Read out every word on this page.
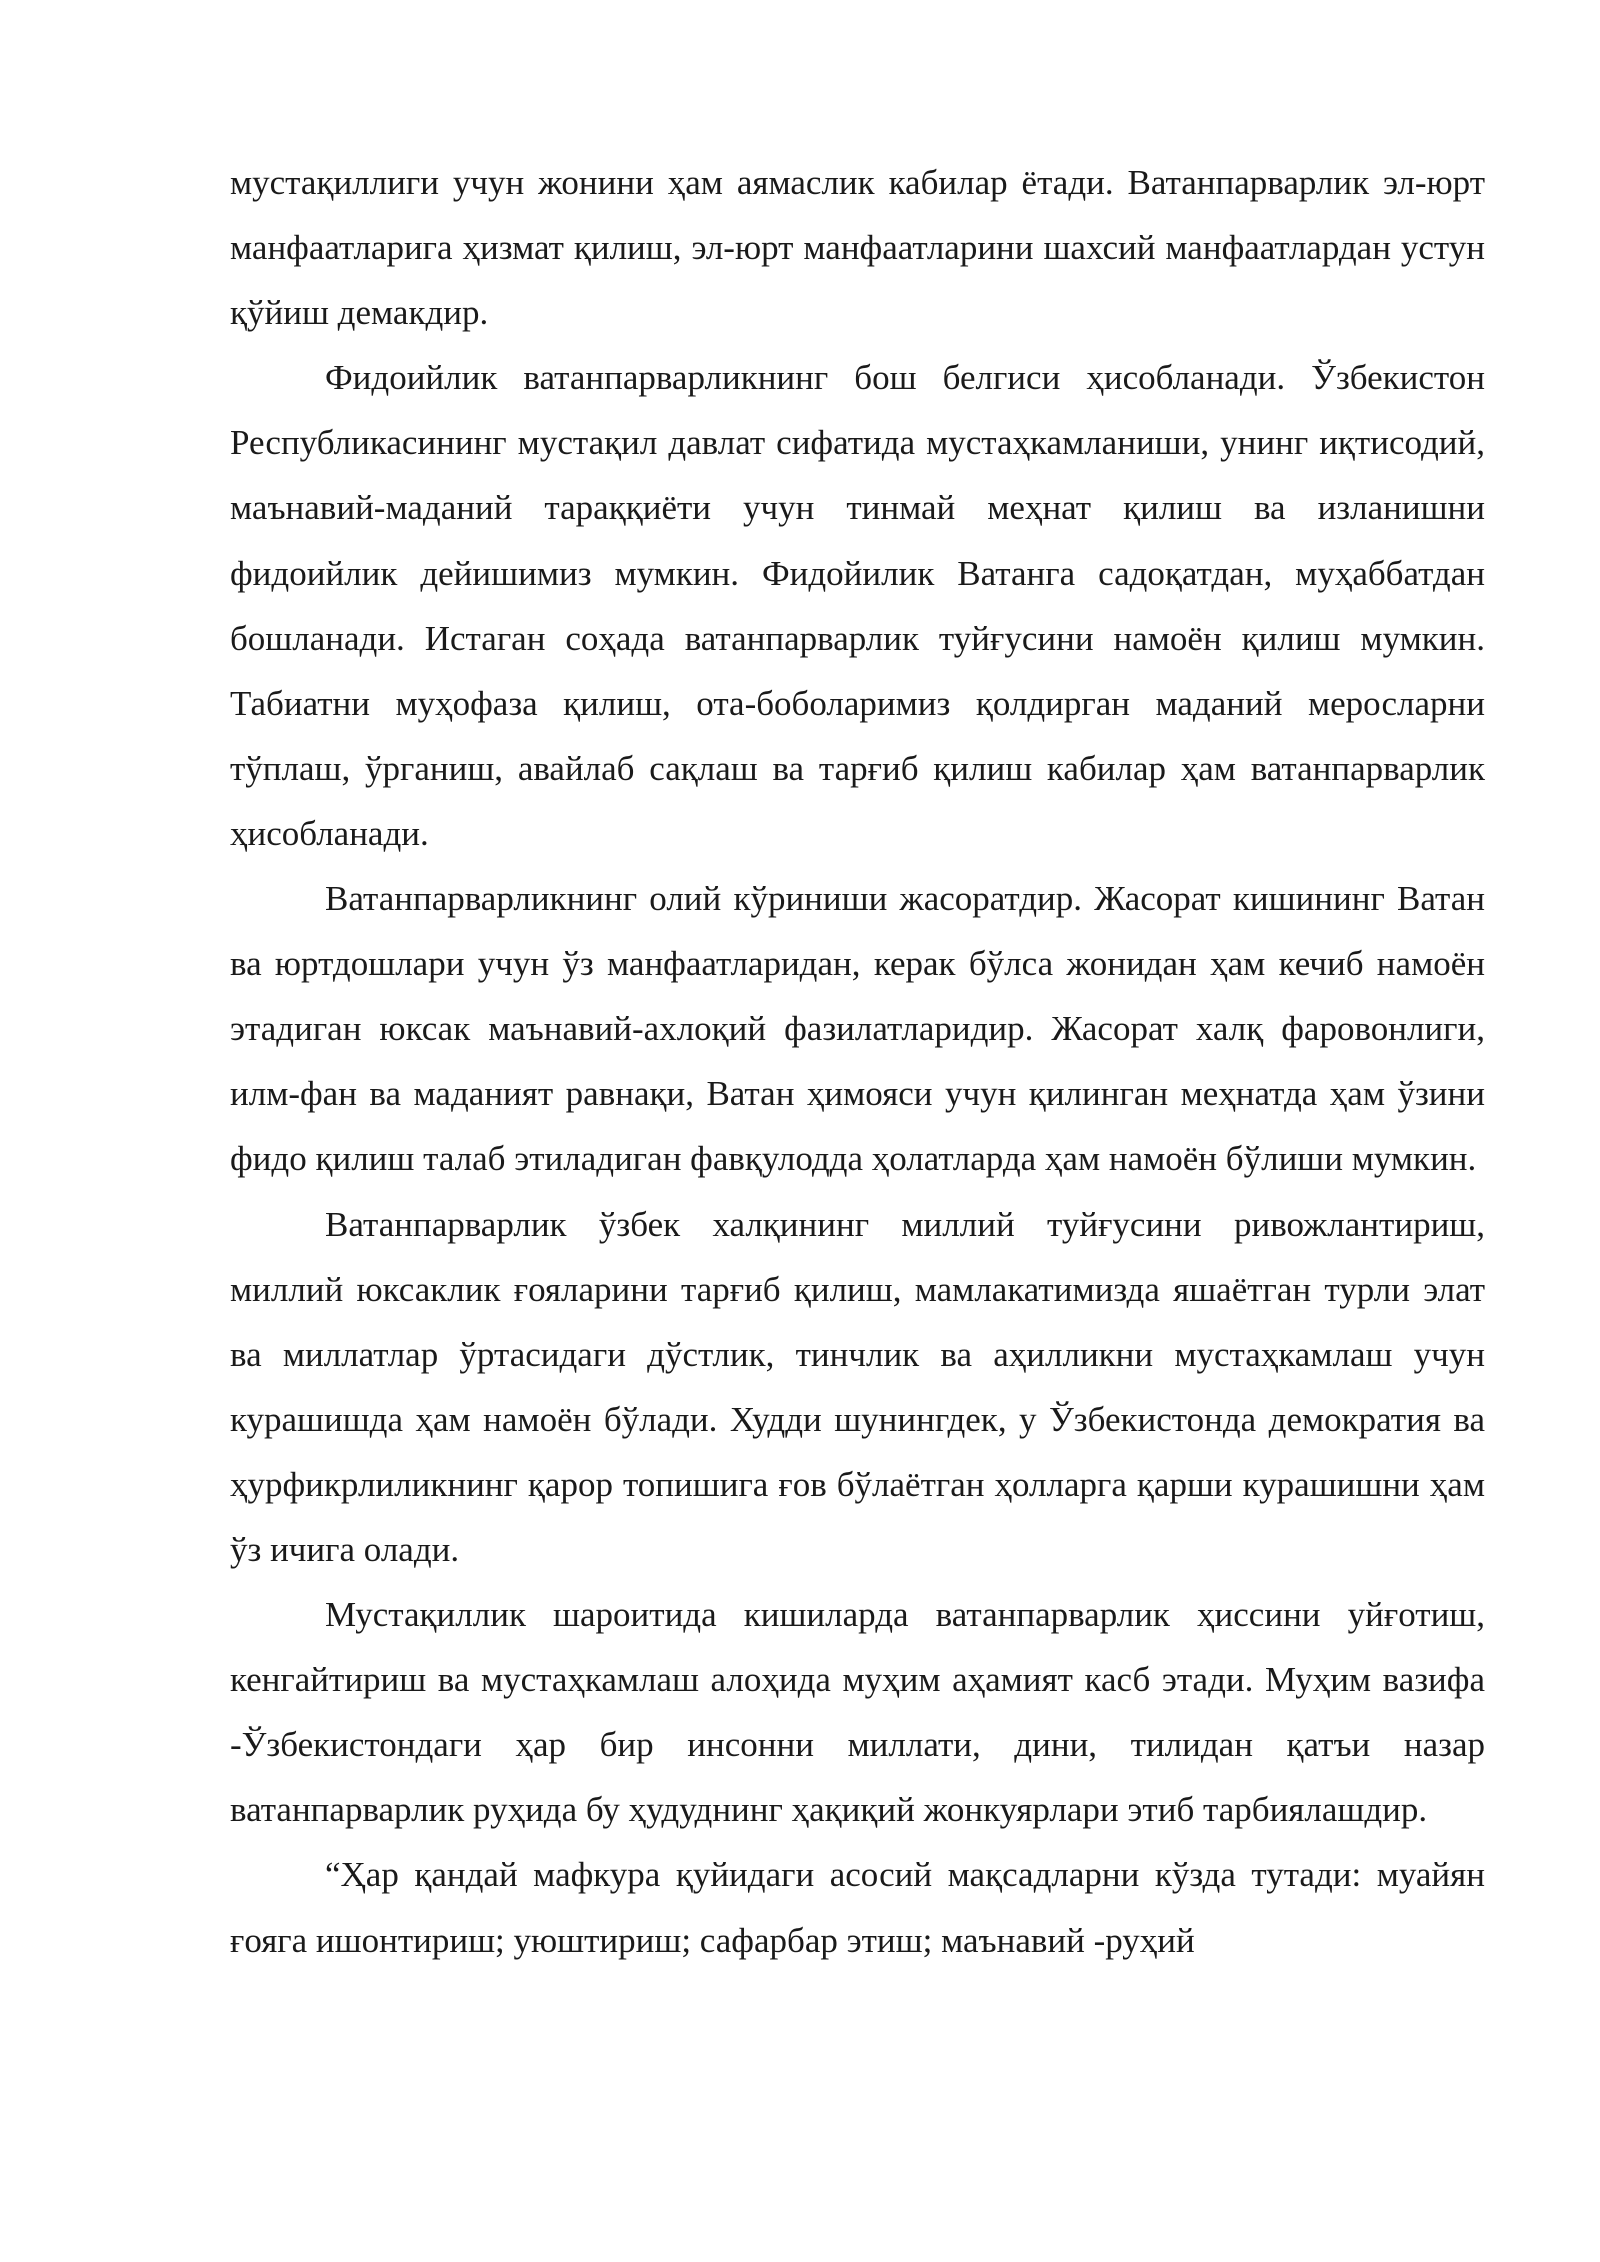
мустақиллиги учун жонини ҳам аямаслик кабилар ётади. Ватанпарварлик эл-юрт манфаатларига ҳизмат қилиш, эл-юрт манфаатларини шахсий манфаатлардан устун қўйиш демакдир.

Фидоийлик ватанпарварликнинг бош белгиси ҳисобланади. Ўзбекистон Республикасининг мустақил давлат сифатида мустаҳкамланиши, унинг иқтисодий, маънавий-маданий тараққиёти учун тинмай меҳнат қилиш ва изланишни фидоийлик дейишимиз мумкин. Фидойилик Ватанга садоқатдан, муҳаббатдан бошланади. Истаган соҳада ватанпарварлик туйғусини намоён қилиш мумкин. Табиатни муҳофаза қилиш, ота-боболаримиз қолдирган маданий меросларни тўплаш, ўрганиш, авайлаб сақлаш ва тарғиб қилиш кабилар ҳам ватанпарварлик ҳисобланади.

Ватанпарварликнинг олий кўриниши жасоратдир. Жасорат кишининг Ватан ва юртдошлари учун ўз манфаатларидан, керак бўлса жонидан ҳам кечиб намоён этадиган юксак маънавий-ахлоқий фазилатларидир. Жасорат халқ фаровонлиги, илм-фан ва маданият равнақи, Ватан ҳимояси учун қилинган меҳнатда ҳам ўзини фидо қилиш талаб этиладиган фавқулодда ҳолатларда ҳам намоён бўлиши мумкин.

Ватанпарварлик ўзбек халқининг миллий туйғусини ривожлантириш, миллий юксаклик ғояларини тарғиб қилиш, мамлакатимизда яшаётган турли элат ва миллатлар ўртасидаги дўстлик, тинчлик ва аҳилликни мустаҳкамлаш учун курашишда ҳам намоён бўлади. Худди шунингдек, у Ўзбекистонда демократия ва ҳурфикрлиликнинг қарор топишига ғов бўлаётган ҳолларга қарши курашишни ҳам ўз ичига олади.

Мустақиллик шароитида кишиларда ватанпарварлик ҳиссини уйғотиш, кенгайтириш ва мустаҳкамлаш алоҳида муҳим аҳамият касб этади. Муҳим вазифа -Ўзбекистондаги ҳар бир инсонни миллати, дини, тилидан қатъи назар ватанпарварлик руҳида бу ҳудуднинг ҳақиқий жонкуярлари этиб тарбиялашдир.

“Ҳар қандай мафкура қуйидаги асосий мақсадларни кўзда тутади: муайян ғояга ишонтириш; уюштириш; сафарбар этиш; маънавий -руҳий
